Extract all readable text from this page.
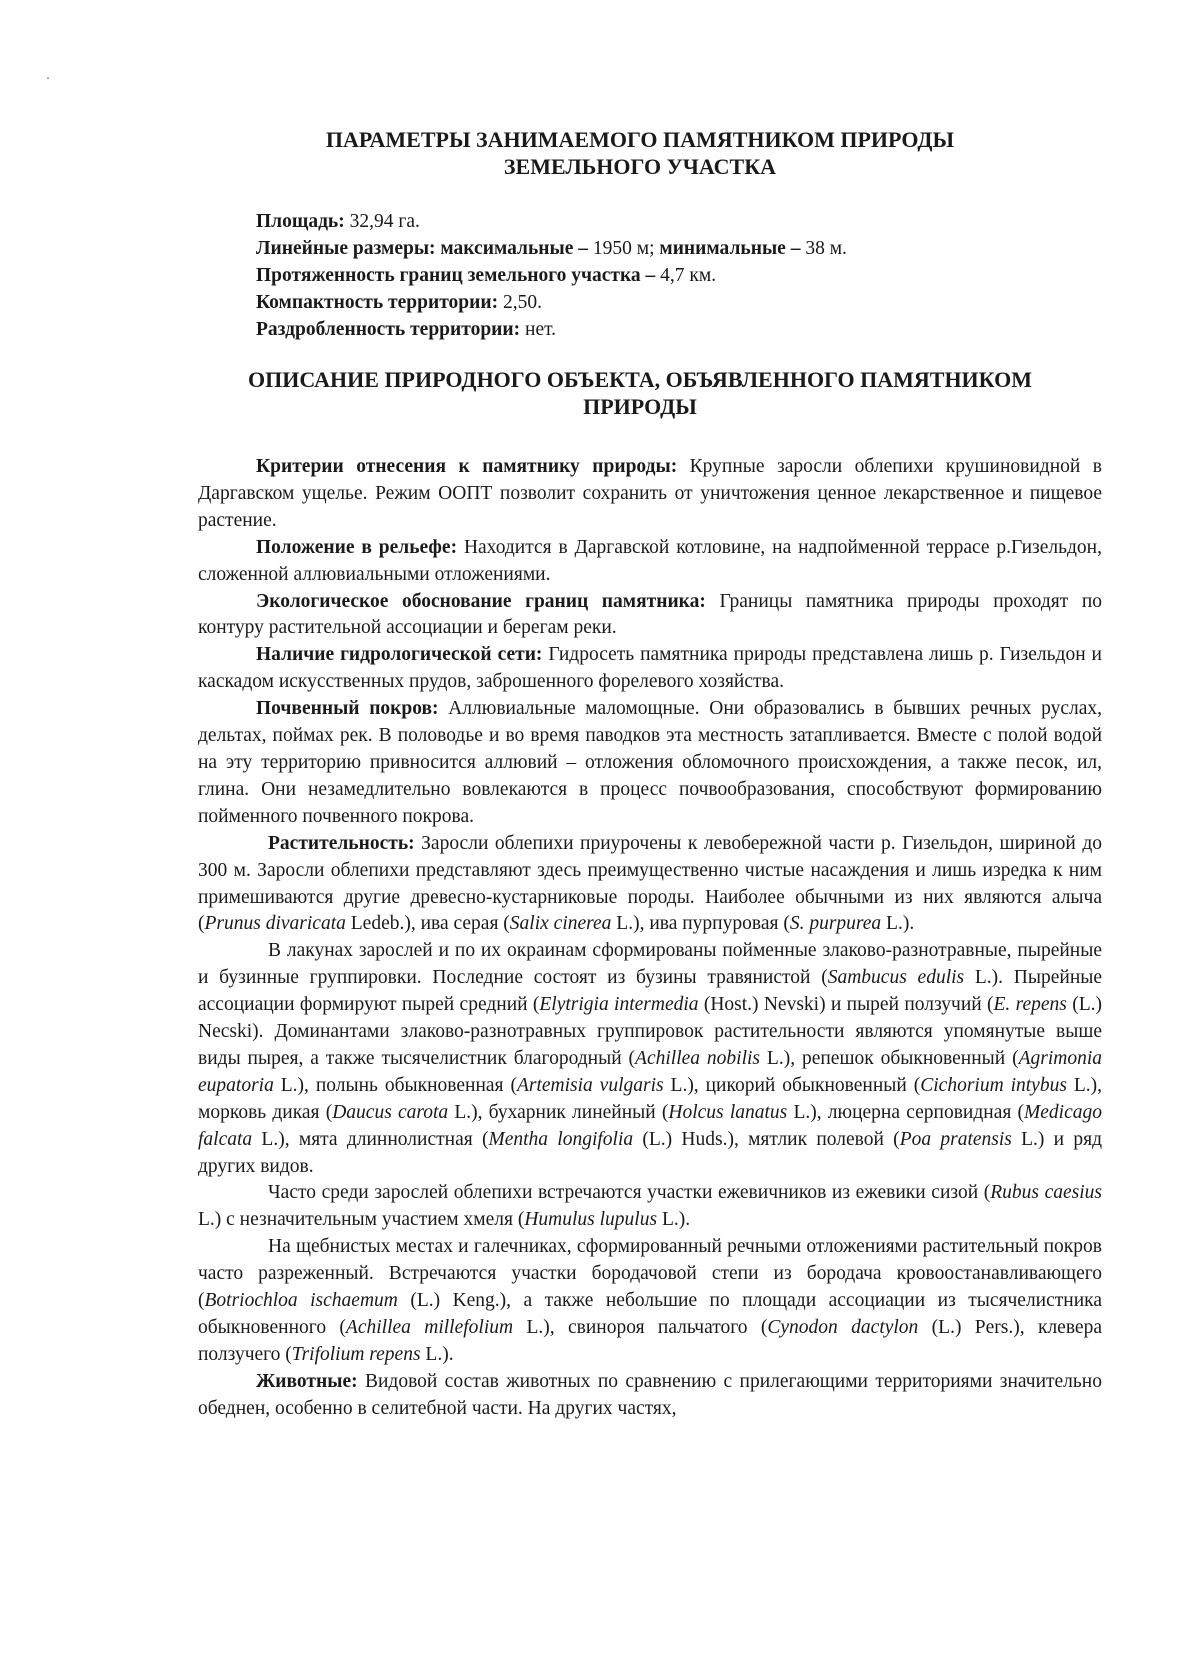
ПАРАМЕТРЫ ЗАНИМАЕМОГО ПАМЯТНИКОМ ПРИРОДЫ
ЗЕМЕЛЬНОГО УЧАСТКА
Площадь: 32,94 га.
Линейные размеры: максимальные – 1950 м; минимальные – 38 м.
Протяженность границ земельного участка – 4,7 км.
Компактность территории: 2,50.
Раздробленность территории: нет.
ОПИСАНИЕ ПРИРОДНОГО ОБЪЕКТА, ОБЪЯВЛЕННОГО ПАМЯТНИКОМ
ПРИРОДЫ

Критерии отнесения к памятнику природы: Крупные заросли облепихи крушиновидной в Даргавском ущелье. Режим ООПТ позволит сохранить от уничтожения ценное лекарственное и пищевое растение.

Положение в рельефе: Находится в Даргавской котловине, на надпойменной террасе р.Гизельдон, сложенной аллювиальными отложениями.

Экологическое обоснование границ памятника: Границы памятника природы проходят по контуру растительной ассоциации и берегам реки.

Наличие гидрологической сети: Гидросеть памятника природы представлена лишь р. Гизельдон и каскадом искусственных прудов, заброшенного форелевого хозяйства.

Почвенный покров: Аллювиальные маломощные. Они образовались в бывших речных руслах, дельтах, поймах рек. В половодье и во время паводков эта местность затапливается. Вместе с полой водой на эту территорию привносится аллювий – отложения обломочного происхождения, а также песок, ил, глина. Они незамедлительно вовлекаются в процесс почвообразования, способствуют формированию пойменного почвенного покрова.

Растительность: Заросли облепихи приурочены к левобережной части р. Гизельдон, шириной до 300 м. Заросли облепихи представляют здесь преимущественно чистые насаждения и лишь изредка к ним примешиваются другие древесно-кустарниковые породы. Наиболее обычными из них являются алыча (Prunus divaricata Ledeb.), ива серая (Salix cinerea L.), ива пурпуровая (S. purpurea L.).

В лакунах зарослей и по их окраинам сформированы пойменные злаково-разнотравные, пырейные и бузинные группировки. Последние состоят из бузины травянистой (Sambucus edulis L.). Пырейные ассоциации формируют пырей средний (Elytrigia intermedia (Host.) Nevski) и пырей ползучий (E. repens (L.) Necski). Доминантами злаково-разнотравных группировок растительности являются упомянутые выше виды пырея, а также тысячелистник благородный (Achillea nobilis L.), репешок обыкновенный (Agrimonia eupatoria L.), полынь обыкновенная (Artemisia vulgaris L.), цикорий обыкновенный (Cichorium intybus L.), морковь дикая (Daucus carota L.), бухарник линейный (Holcus lanatus L.), люцерна серповидная (Medicago falcata L.), мята длиннолистная (Mentha longifolia (L.) Huds.), мятлик полевой (Poa pratensis L.) и ряд других видов.

Часто среди зарослей облепихи встречаются участки ежевичников из ежевики сизой (Rubus caesius L.) с незначительным участием хмеля (Humulus lupulus L.).

На щебнистых местах и галечниках, сформированный речными отложениями растительный покров часто разреженный. Встречаются участки бородачовой степи из бородача кровоостанавливающего (Botriochloa ischaemum (L.) Keng.), а также небольшие по площади ассоциации из тысячелистника обыкновенного (Achillea millefolium L.), свинороя пальчатого (Cynodon dactylon (L.) Pers.), клевера ползучего (Trifolium repens L.).

Животные: Видовой состав животных по сравнению с прилегающими территориями значительно обеднен, особенно в селитебной части. На других частях,
